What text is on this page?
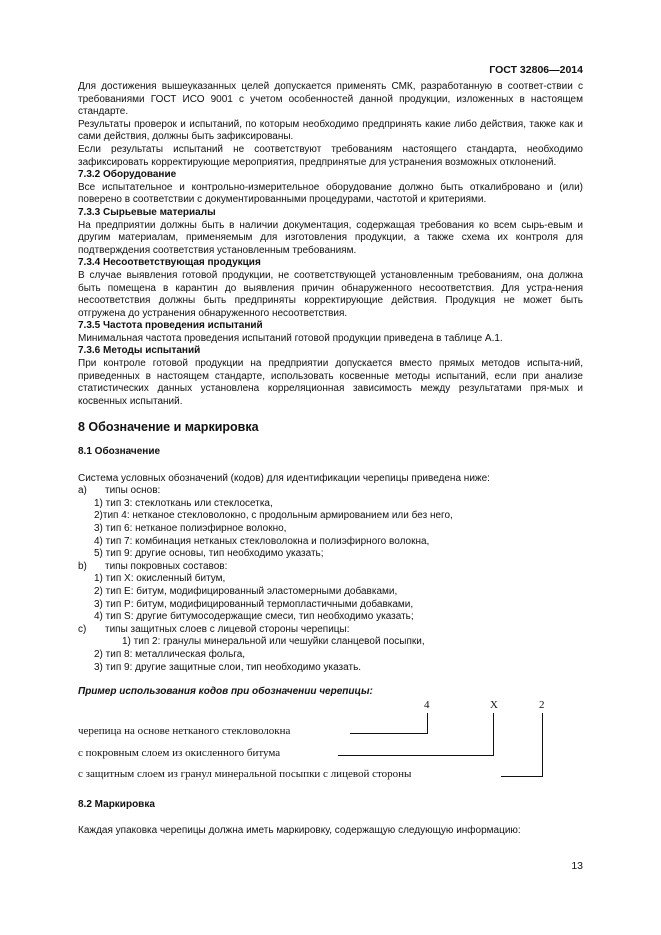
ГОСТ 32806—2014
Для достижения вышеуказанных целей допускается применять СМК, разработанную в соответ-ствии с требованиями ГОСТ ИСО 9001 с учетом особенностей данной продукции, изложенных в настоящем стандарте.
Результаты проверок и испытаний, по которым необходимо предпринять какие либо действия, также как и сами действия, должны быть зафиксированы.
Если результаты испытаний не соответствуют требованиям настоящего стандарта, необходимо зафиксировать корректирующие мероприятия, предпринятые для устранения возможных отклонений.
7.3.2 Оборудование
Все испытательное и контрольно-измерительное оборудование должно быть откалибровано и (или) поверено в соответствии с документированными процедурами, частотой и критериями.
7.3.3 Сырьевые материалы
На предприятии должны быть в наличии документация, содержащая требования ко всем сырь-евым и другим материалам, применяемым для изготовления продукции, а также схема их контроля для подтверждения соответствия установленным требованиям.
7.3.4 Несоответствующая продукция
В случае выявления готовой продукции, не соответствующей установленным требованиям, она должна быть помещена в карантин до выявления причин обнаруженного несоответствия. Для устра-нения несоответствия должны быть предприняты корректирующие действия. Продукция не может быть отгружена до устранения обнаруженного несоответствия.
7.3.5 Частота проведения испытаний
Минимальная частота проведения испытаний готовой продукции приведена в таблице А.1.
7.3.6 Методы испытаний
При контроле готовой продукции на предприятии допускается вместо прямых методов испыта-ний, приведенных в настоящем стандарте, использовать косвенные методы испытаний, если при анализе статистических данных установлена корреляционная зависимость между результатами пря-мых и косвенных испытаний.
8 Обозначение и маркировка
8.1 Обозначение
Система условных обозначений (кодов) для идентификации черепицы приведена ниже:
a)	типы основ:
1) тип 3: стеклоткань или стеклосетка,
2)тип 4: нетканое стекловолокно, с продольным армированием или без него,
3) тип 6: нетканое полиэфирное волокно,
4) тип 7: комбинация нетканых стекловолокна и полиэфирного волокна,
5) тип 9: другие основы, тип необходимо указать;
b)	типы покровных составов:
1) тип X: окисленный битум,
2) тип E: битум, модифицированный эластомерными добавками,
3) тип P: битум, модифицированный термопластичными добавками,
4) тип S: другие битумосодержащие смеси, тип необходимо указать;
c)	типы защитных слоев с лицевой стороны черепицы:
1) тип 2: гранулы минеральной или чешуйки сланцевой посыпки,
2) тип 8: металлическая фольга,
3) тип 9: другие защитные слои, тип необходимо указать.
Пример использования кодов при обозначении черепицы:
4	X	2
черепица на основе нетканого стекловолокна
с покровным слоем из окисленного битума
с защитным слоем из гранул минеральной посыпки с лицевой стороны
8.2 Маркировка
Каждая упаковка черепицы должна иметь маркировку, содержащую следующую информацию:
13
